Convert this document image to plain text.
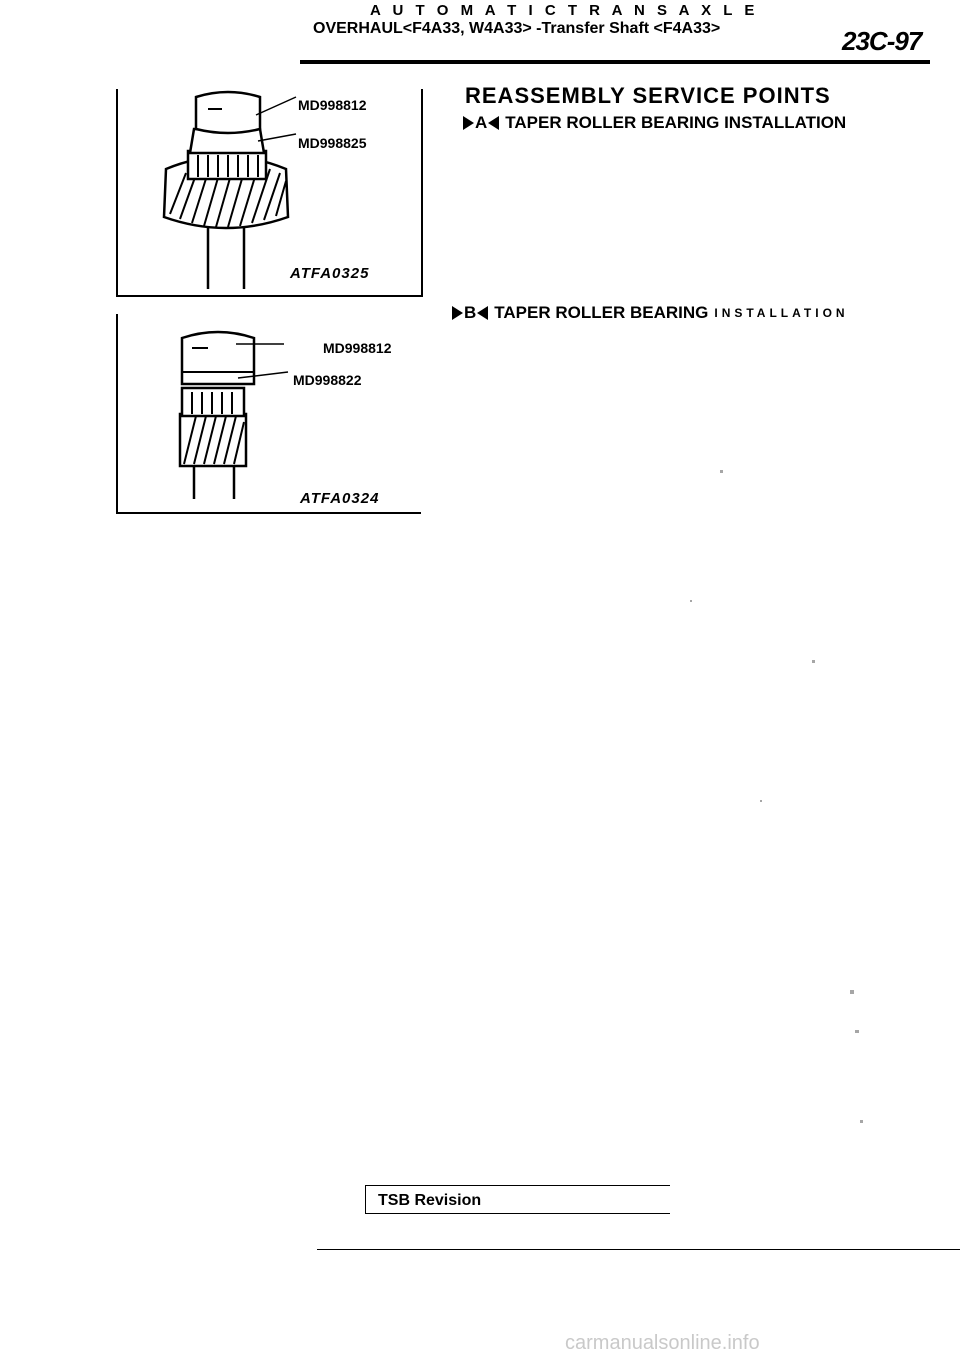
A U T O M A T I C T R A N S A X L E
OVERHAUL<F4A33, W4A33> -Transfer Shaft <F4A33>	23C-97
MD998812
MD998825
ATFA0325
MD998812
MD998822
ATFA0324
REASSEMBLY SERVICE POINTS
A TAPER ROLLER BEARING INSTALLATION
B TAPER ROLLER BEARING INSTALLATION
TSB Revision
carmanualsonline.info
